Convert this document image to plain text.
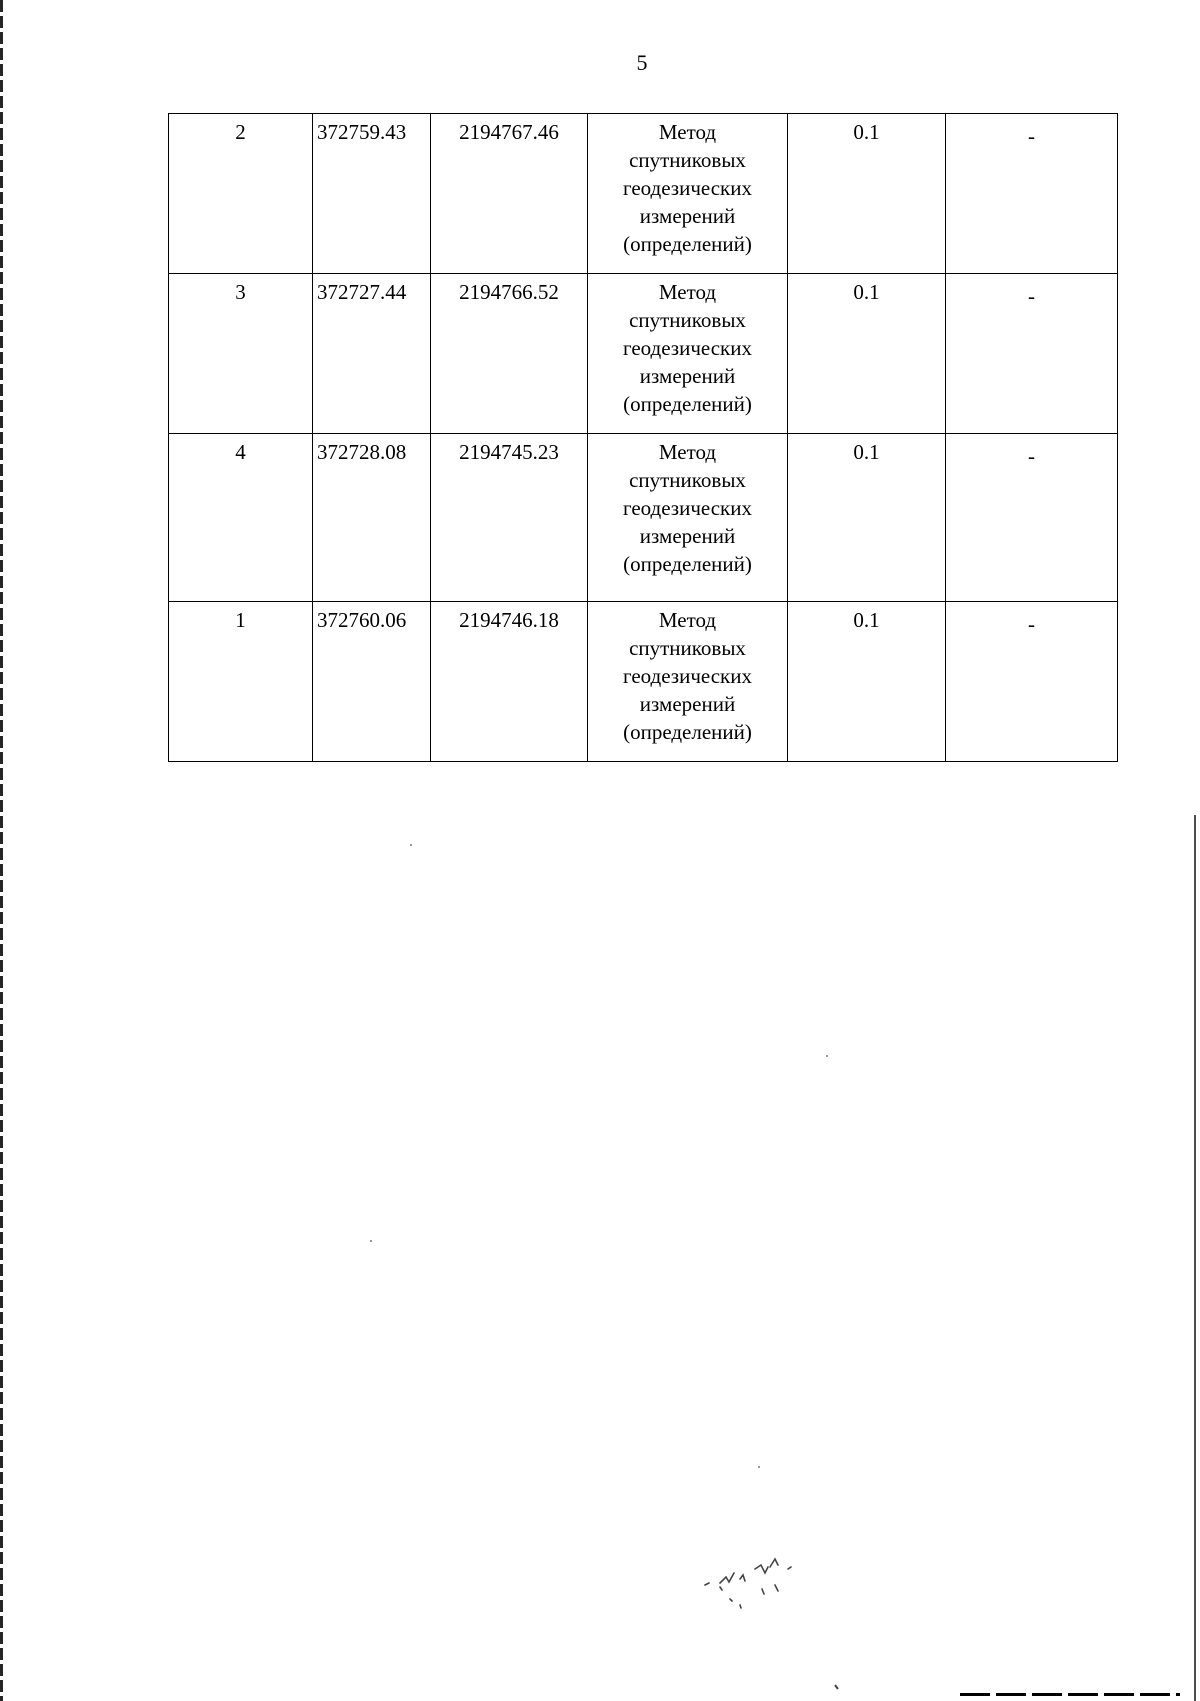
5
2	372759.43	2194767.46	Метод
спутниковых
геодезических
измерений
(определений)	0.1	-
3	372727.44	2194766.52	Метод
спутниковых
геодезических
измерений
(определений)	0.1	-
4	372728.08	2194745.23	Метод
спутниковых
геодезических
измерений
(определений)	0.1	-
1	372760.06	2194746.18	Метод
спутниковых
геодезических
измерений
(определений)	0.1	-
